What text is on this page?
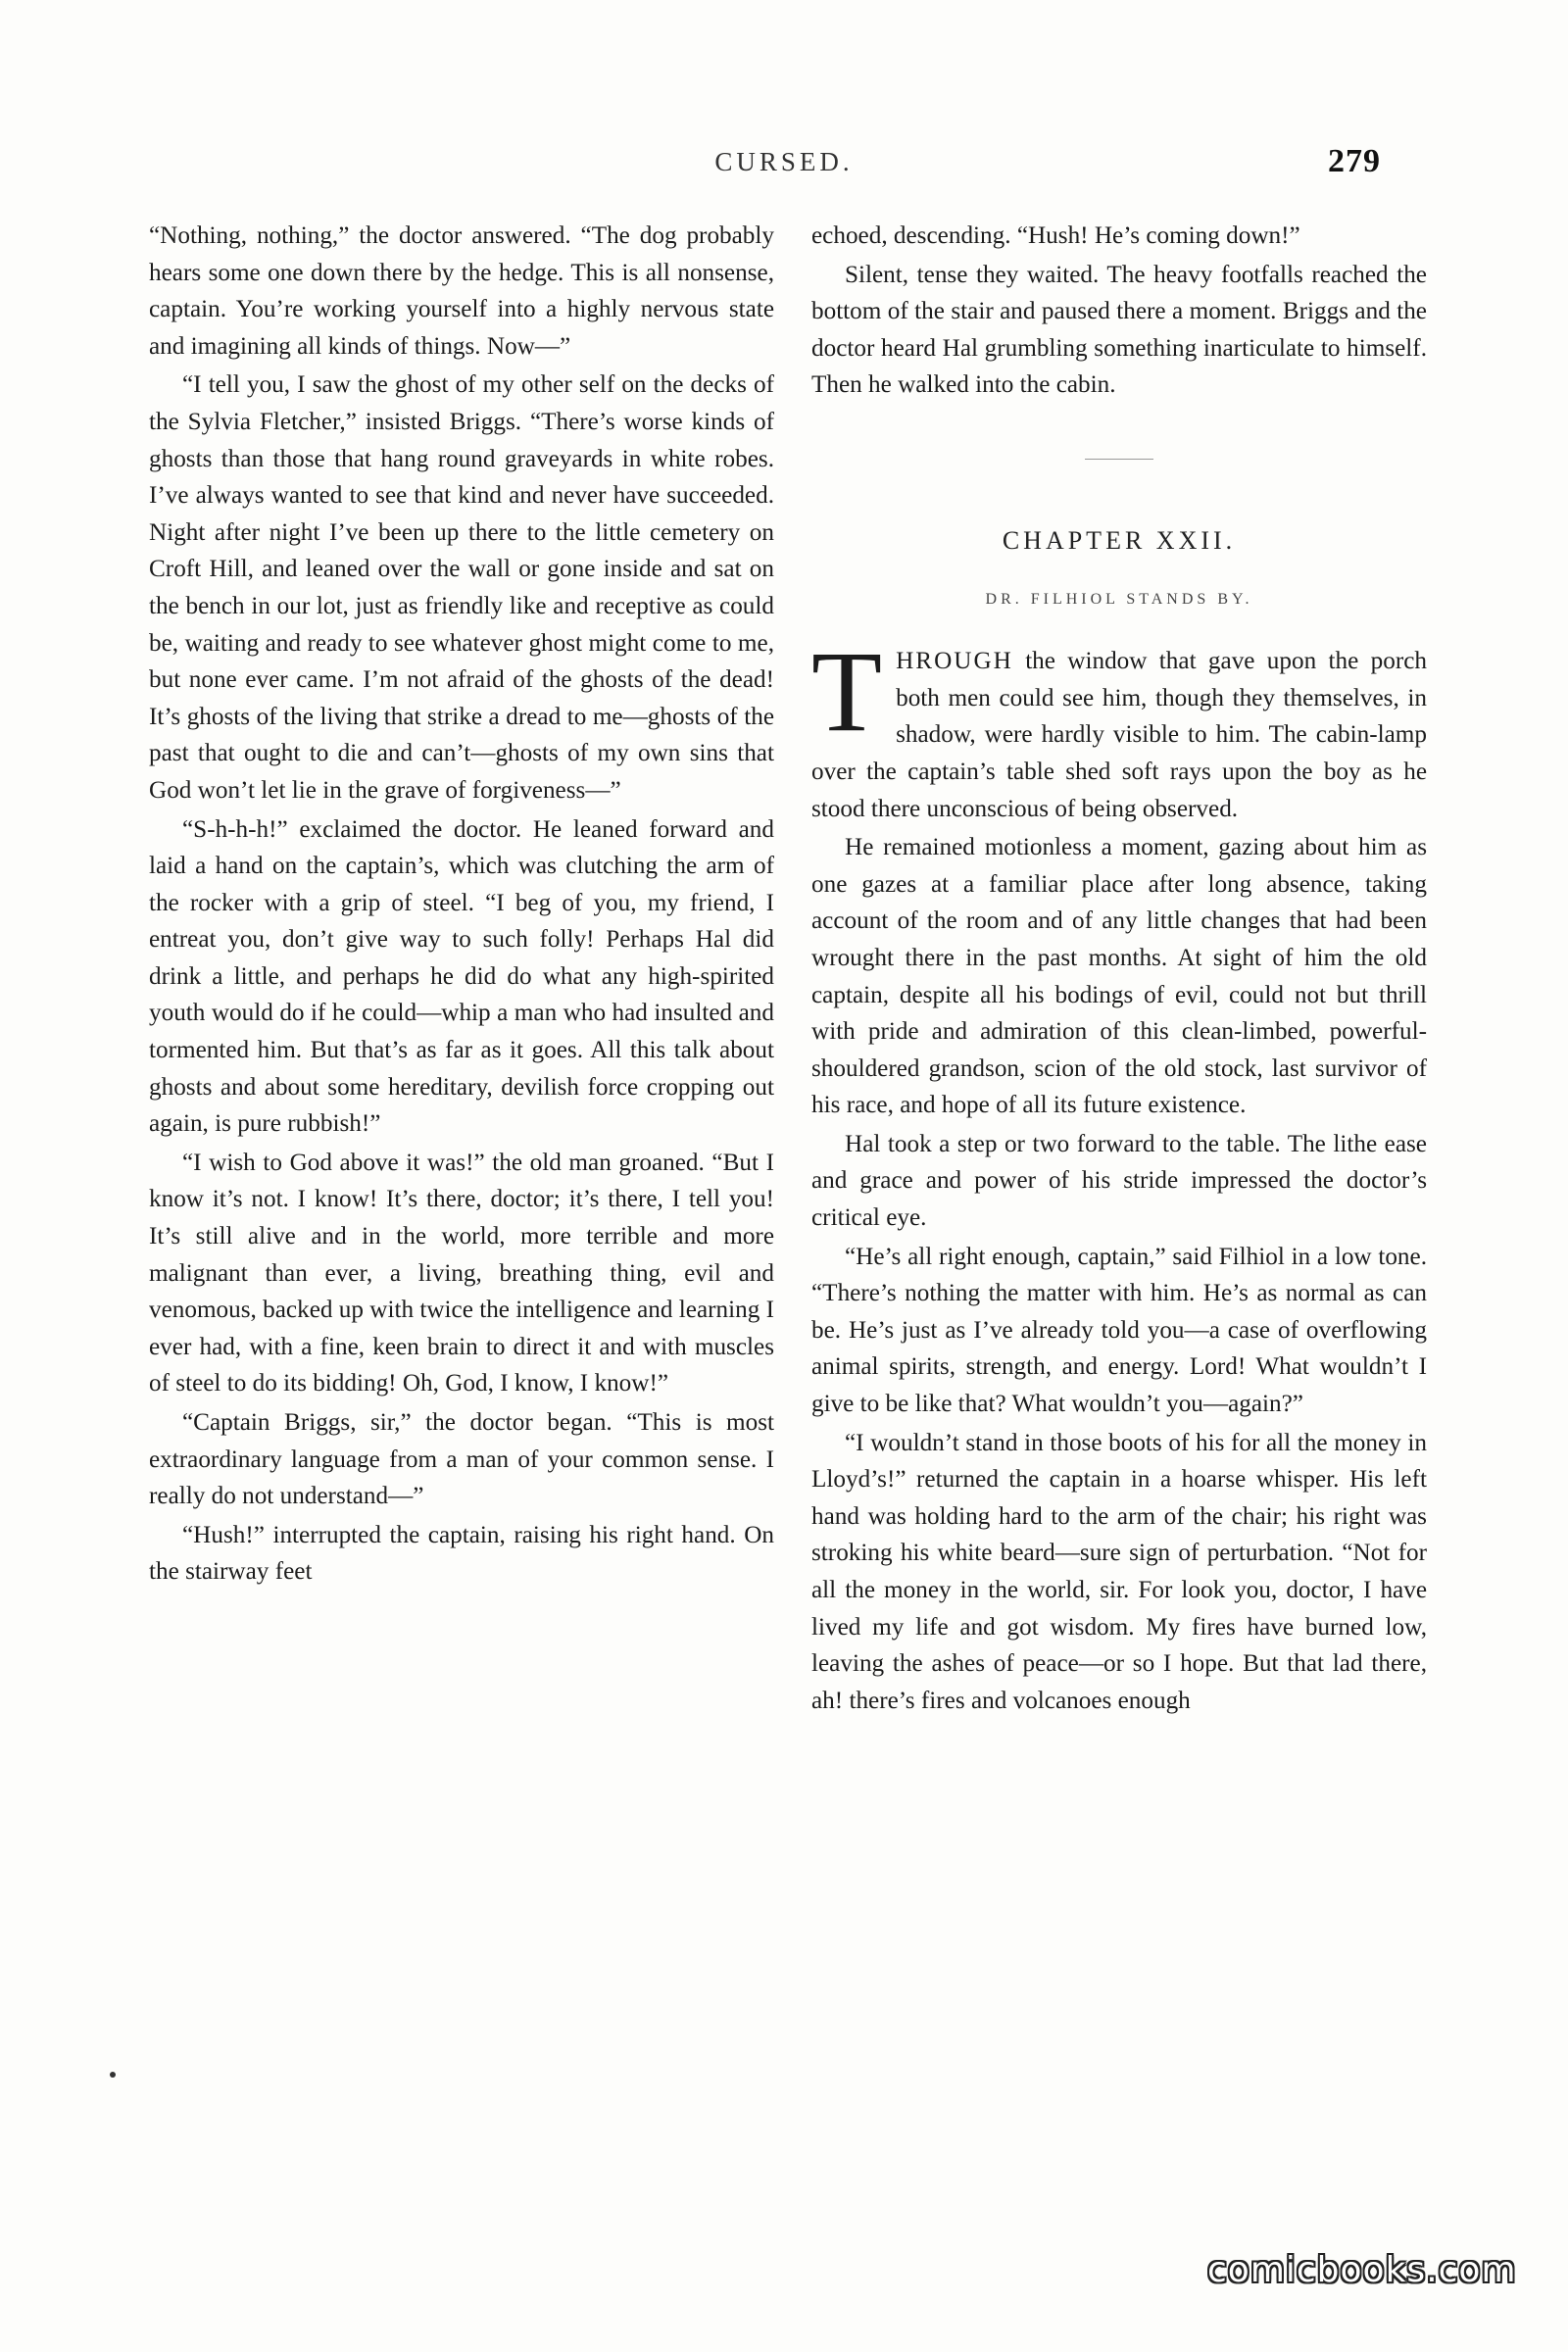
CURSED.	279

“Nothing, nothing,” the doctor answered. “The dog probably hears some one down there by the hedge. This is all nonsense, captain. You’re working yourself into a highly nervous state and imagining all kinds of things. Now—”

“I tell you, I saw the ghost of my other self on the decks of the Sylvia Fletcher,” insisted Briggs. “There’s worse kinds of ghosts than those that hang round graveyards in white robes. I’ve always wanted to see that kind and never have succeeded. Night after night I’ve been up there to the little cemetery on Croft Hill, and leaned over the wall or gone inside and sat on the bench in our lot, just as friendly like and receptive as could be, waiting and ready to see whatever ghost might come to me, but none ever came. I’m not afraid of the ghosts of the dead! It’s ghosts of the living that strike a dread to me—ghosts of the past that ought to die and can’t—ghosts of my own sins that God won’t let lie in the grave of forgiveness—”

“S-h-h-h!” exclaimed the doctor. He leaned forward and laid a hand on the captain’s, which was clutching the arm of the rocker with a grip of steel. “I beg of you, my friend, I entreat you, don’t give way to such folly! Perhaps Hal did drink a little, and perhaps he did do what any high-spirited youth would do if he could—whip a man who had insulted and tormented him. But that’s as far as it goes. All this talk about ghosts and about some hereditary, devilish force cropping out again, is pure rubbish!”

“I wish to God above it was!” the old man groaned. “But I know it’s not. I know! It’s there, doctor; it’s there, I tell you! It’s still alive and in the world, more terrible and more malignant than ever, a living, breathing thing, evil and venomous, backed up with twice the intelligence and learning I ever had, with a fine, keen brain to direct it and with muscles of steel to do its bidding! Oh, God, I know, I know!”

“Captain Briggs, sir,” the doctor began. “This is most extraordinary language from a man of your common sense. I really do not understand—”

“Hush!” interrupted the captain, raising his right hand. On the stairway feet

echoed, descending. “Hush! He’s coming down!”

Silent, tense they waited. The heavy footfalls reached the bottom of the stair and paused there a moment. Briggs and the doctor heard Hal grumbling something inarticulate to himself. Then he walked into the cabin.

CHAPTER XXII.
DR. FILHIOL STANDS BY.

THROUGH the window that gave upon the porch both men could see him, though they themselves, in shadow, were hardly visible to him. The cabin-lamp over the captain’s table shed soft rays upon the boy as he stood there unconscious of being observed.

He remained motionless a moment, gazing about him as one gazes at a familiar place after long absence, taking account of the room and of any little changes that had been wrought there in the past months. At sight of him the old captain, despite all his bodings of evil, could not but thrill with pride and admiration of this clean-limbed, powerful-shouldered grandson, scion of the old stock, last survivor of his race, and hope of all its future existence.

Hal took a step or two forward to the table. The lithe ease and grace and power of his stride impressed the doctor’s critical eye.

“He’s all right enough, captain,” said Filhiol in a low tone. “There’s nothing the matter with him. He’s as normal as can be. He’s just as I’ve already told you—a case of overflowing animal spirits, strength, and energy. Lord! What wouldn’t I give to be like that? What wouldn’t you—again?”

“I wouldn’t stand in those boots of his for all the money in Lloyd’s!” returned the captain in a hoarse whisper. His left hand was holding hard to the arm of the chair; his right was stroking his white beard—sure sign of perturbation. “Not for all the money in the world, sir. For look you, doctor, I have lived my life and got wisdom. My fires have burned low, leaving the ashes of peace—or so I hope. But that lad there, ah! there’s fires and volcanoes enough

comicbooks.com
